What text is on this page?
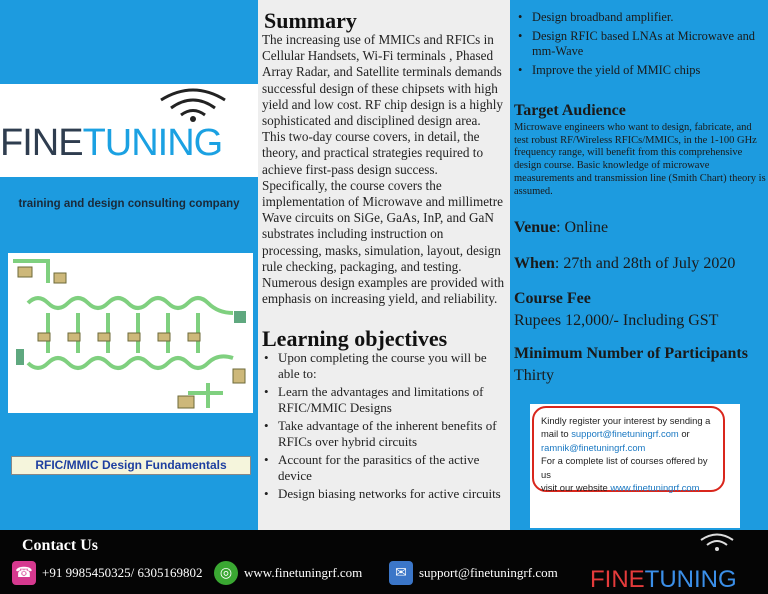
FINETUNING
training and design consulting company
RFIC/MMIC Design Fundamentals
Summary

The increasing use of MMICs and RFICs in Cellular Handsets, Wi-Fi terminals , Phased Array Radar, and Satellite terminals demands successful design of these chipsets with high yield and low cost. RF chip design is a highly sophisticated and disciplined design area. This two-day course covers, in detail, the theory, and practical strategies required to achieve first-pass design success. Specifically, the course covers the implementation of Microwave and millimetre Wave circuits on SiGe, GaAs, InP, and GaN substrates including instruction on processing, masks, simulation, layout, design rule checking, packaging, and testing. Numerous design examples are provided with emphasis on increasing yield, and reliability.

Learning objectives
• Upon completing the course you will be able to:
• Learn the advantages and limitations of RFIC/MMIC Designs
• Take advantage of the inherent benefits of RFICs over hybrid circuits
• Account for the parasitics of the active device
• Design biasing networks for active circuits
• Design broadband amplifier.
• Design RFIC based LNAs at Microwave and mm-Wave
• Improve the yield of MMIC chips
Target Audience

Microwave engineers who want to design, fabricate, and test robust RF/Wireless RFICs/MMICs, in the 1-100 GHz frequency range, will benefit from this comprehensive design course. Basic knowledge of microwave measurements and transmission line (Smith Chart) theory is assumed.

Venue: Online
When: 27th and 28th of July 2020
Course Fee
Rupees 12,000/- Including GST
Minimum Number of Participants
Thirty
Kindly register your interest by sending a
mail to support@finetuningrf.com or
ramnik@finetuningrf.com
For a complete list of courses offered by us
visit our website www.finetuningrf.com
Contact Us
☎ +91 9985450325/ 6305169802	◎ www.finetuningrf.com	✉ support@finetuningrf.com FINETUNING
